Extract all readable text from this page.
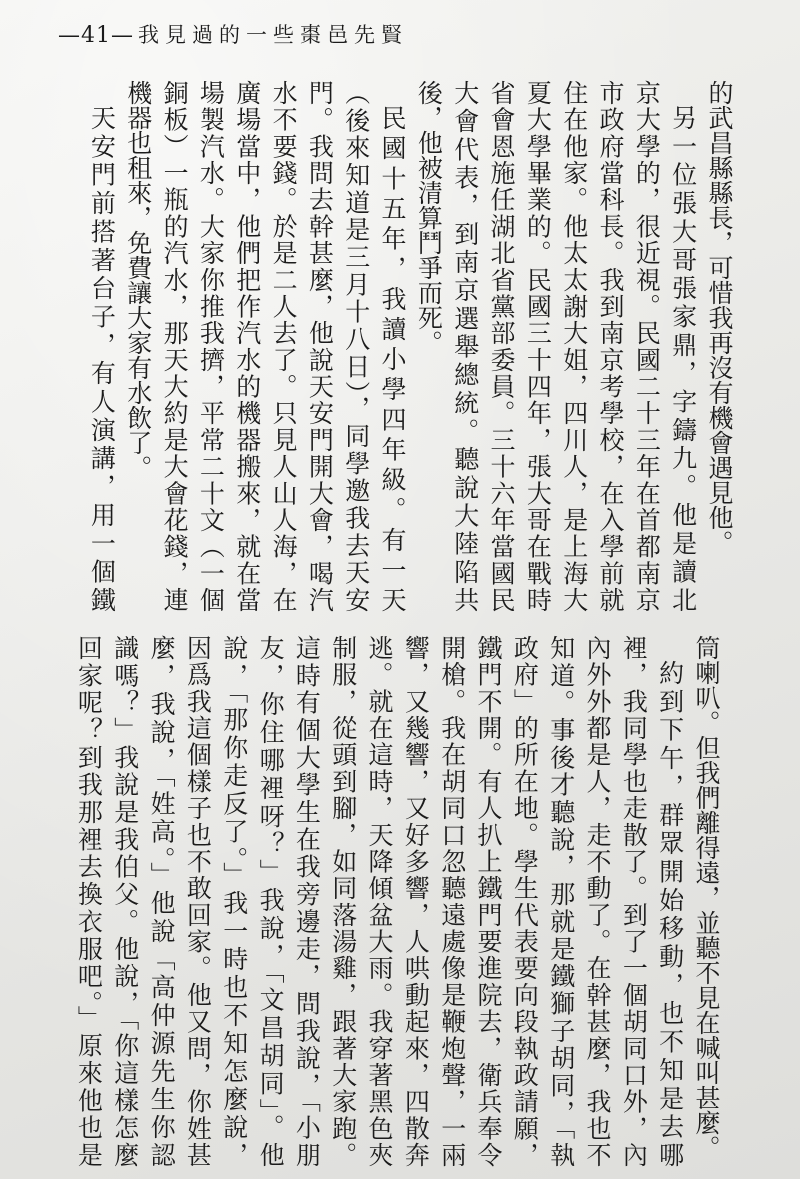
—41— 我見過的一些棗邑先賢
的武昌縣縣長，可惜我再沒有機會遇見他。
另一位張大哥張家鼎，字鑄九。他是讀北
京大學的，很近視。民國二十三年在首都南京
市政府當科長。我到南京考學校，在入學前就
住在他家。他太太謝大姐，四川人，是上海大
夏大學畢業的。民國三十四年，張大哥在戰時
省會恩施任湖北省黨部委員。三十六年當國民
大會代表，到南京選舉總統。聽說大陸陷共
後，他被清算鬥爭而死。
民國十五年，我讀小學四年級。有一天
（後來知道是三月十八日），同學邀我去天安
門。我問去幹甚麼，他說天安門開大會，喝汽
水不要錢。於是二人去了。只見人山人海，在
廣場當中，他們把作汽水的機器搬來，就在當
場製汽水。大家你推我擠，平常二十文（一個
銅板）一瓶的汽水，那天大約是大會花錢，連
機器也租來，免費讓大家有水飲了。
天安門前搭著台子，有人演講，用一個鐵
筒喇叭。但我們離得遠，並聽不見在喊叫甚麼。
約到下午，群眾開始移動，也不知是去哪
裡，我同學也走散了。到了一個胡同口外，內
內外外都是人，走不動了。在幹甚麼，我也不
知道。事後才聽說，那就是鐵獅子胡同，「執
政府」的所在地。學生代表要向段執政請願，
鐵門不開。有人扒上鐵門要進院去，衛兵奉令
開槍。我在胡同口忽聽遠處像是鞭炮聲，一兩
響，又幾響，又好多響，人哄動起來，四散奔
逃。就在這時，天降傾盆大雨。我穿著黑色夾
制服，從頭到腳，如同落湯雞，跟著大家跑。
這時有個大學生在我旁邊走，問我說，「小朋
友，你住哪裡呀？」我說，「文昌胡同」。他
說，「那你走反了。」我一時也不知怎麼說，
因爲我這個樣子也不敢回家。他又問，你姓甚
麼，我說，「姓高。」他說「高仲源先生你認
識嗎？」我說是我伯父。他說，「你這樣怎麼
回家呢？到我那裡去換衣服吧。」原來他也是
